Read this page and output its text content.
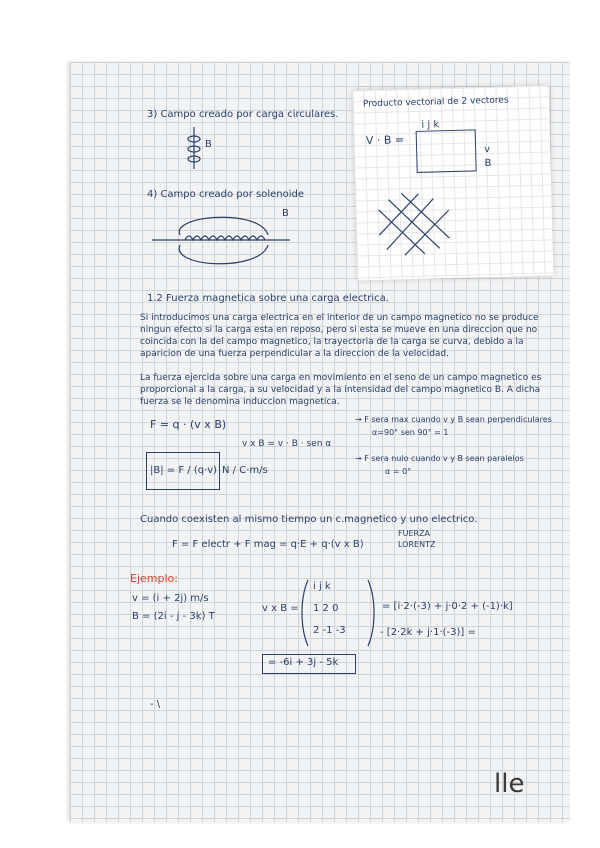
3) Campo creado por carga circulares.
B
4) Campo creado por solenoide
B
Producto vectorial de 2 vectores
V · B =
i j k
v
B
1.2 Fuerza magnetica sobre una carga electrica.
Si introducimos una carga electrica en el interior de un campo magnetico no se produce ningun efecto si la carga esta en reposo, pero si esta se mueve en una direccion que no coincida con la del campo magnetico, la trayectoria de la carga se curva, debido a la aparicion de una fuerza perpendicular a la direccion de la velocidad.
La fuerza ejercida sobre una carga en movimiento en el seno de un campo magnetico es proporcional a la carga, a su velocidad y a la intensidad del campo magnetico B. A dicha fuerza se le denomina induccion magnetica.
F = q · (v x B)	→ F sera max cuando v y B sean perpendiculares
α=90° sen 90° = 1
v x B = v · B · sen α
|B| = F / (q·v) N / C·m/s
→ F sera nulo cuando v y B sean paralelos
α = 0°
Cuando coexisten al mismo tiempo un c.magnetico y uno electrico.
F = F electr + F mag = q·E + q·(v x B)
FUERZA LORENTZ
Ejemplo:
v = (i + 2j) m/s
B = (2i - j - 3k) T
v x B =
i j k
1 2 0
2 -1 -3
= [i·2·(-3) + j·0·2 + (-1)·k]
- [2·2k + j·1·(-3)] =
= -6i + 3j - 5k
- \
lle
